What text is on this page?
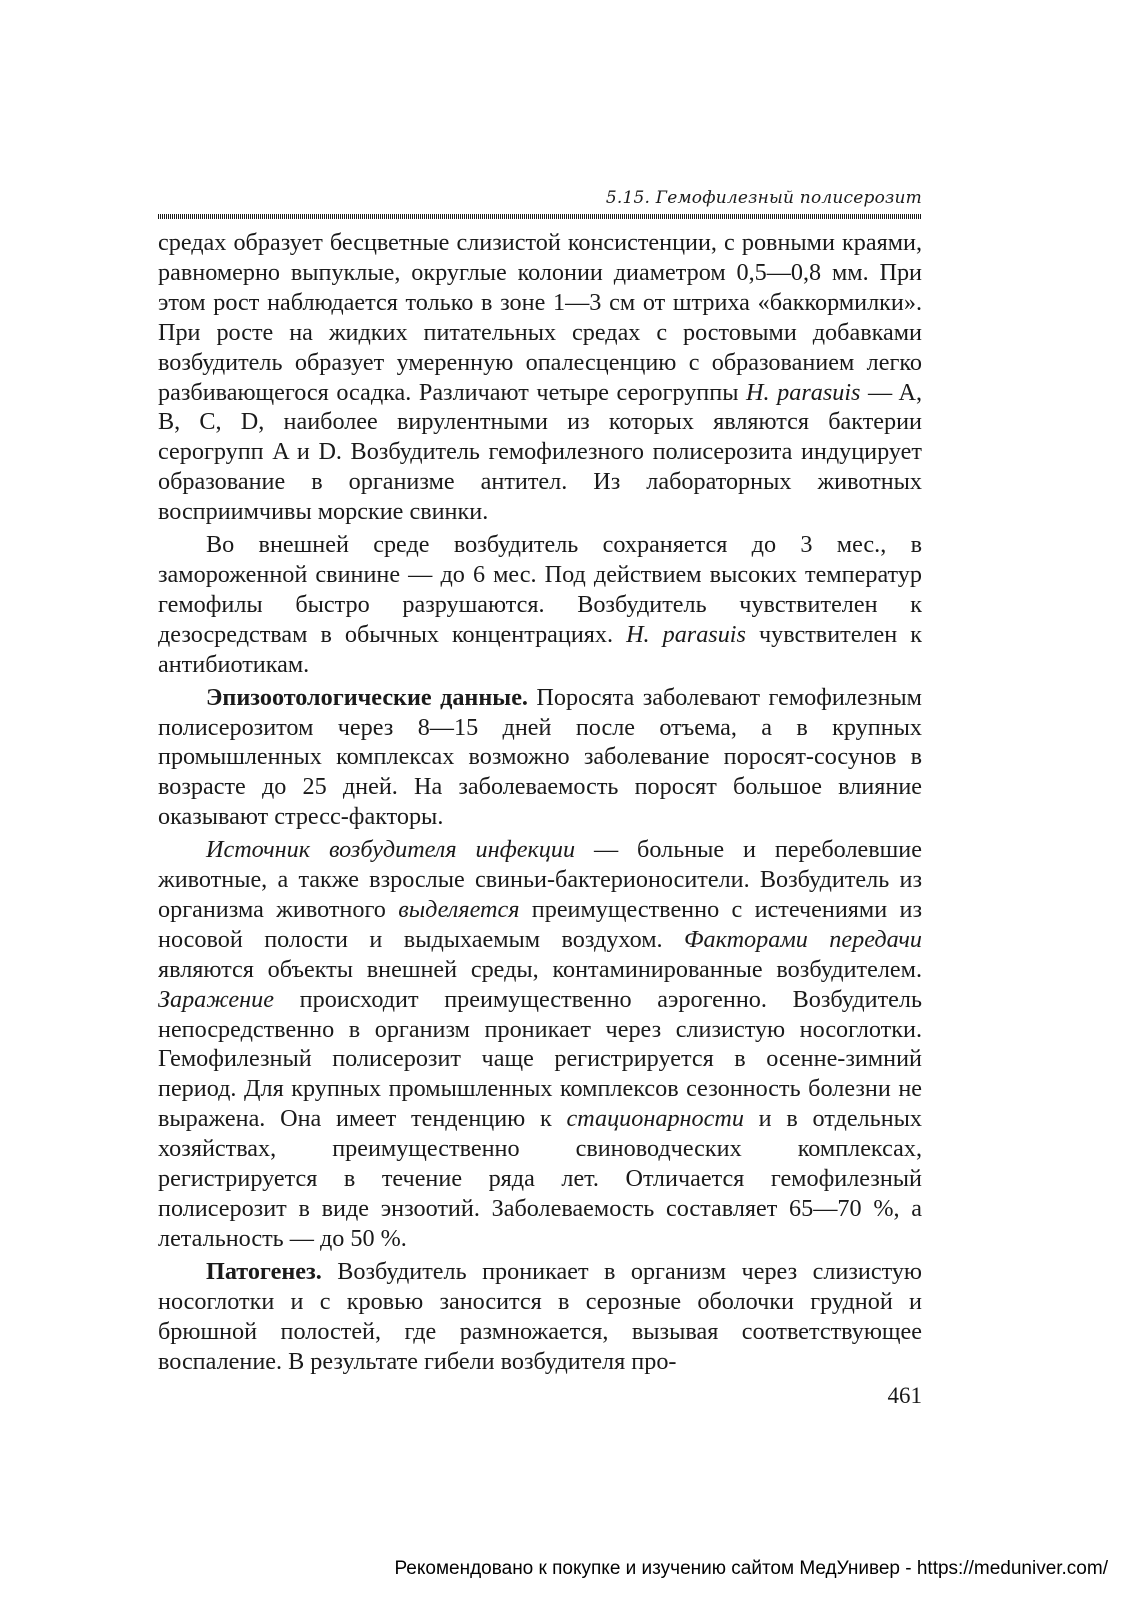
5.15. Гемофилезный полисерозит

средах образует бесцветные слизистой консистенции, с ровными краями, равномерно выпуклые, округлые колонии диаметром 0,5—0,8 мм. При этом рост наблюдается только в зоне 1—3 см от штриха «баккормилки». При росте на жидких питательных средах с ростовыми добавками возбудитель образует умеренную опалесценцию с образованием легко разбивающегося осадка. Различают четыре серогруппы H. parasuis — A, B, C, D, наиболее вирулентными из которых являются бактерии серогрупп A и D. Возбудитель гемофилезного полисерозита индуцирует образование в организме антител. Из лабораторных животных восприимчивы морские свинки.

Во внешней среде возбудитель сохраняется до 3 мес., в замороженной свинине — до 6 мес. Под действием высоких температур гемофилы быстро разрушаются. Возбудитель чувствителен к дезосредствам в обычных концентрациях. H. parasuis чувствителен к антибиотикам.

Эпизоотологические данные. Поросята заболевают гемофилезным полисерозитом через 8—15 дней после отъема, а в крупных промышленных комплексах возможно заболевание поросят-сосунов в возрасте до 25 дней. На заболеваемость поросят большое влияние оказывают стресс-факторы.

Источник возбудителя инфекции — больные и переболевшие животные, а также взрослые свиньи-бактерионосители. Возбудитель из организма животного выделяется преимущественно с истечениями из носовой полости и выдыхаемым воздухом. Факторами передачи являются объекты внешней среды, контаминированные возбудителем. Заражение происходит преимущественно аэрогенно. Возбудитель непосредственно в организм проникает через слизистую носоглотки. Гемофилезный полисерозит чаще регистрируется в осенне-зимний период. Для крупных промышленных комплексов сезонность болезни не выражена. Она имеет тенденцию к стационарности и в отдельных хозяйствах, преимущественно свиноводческих комплексах, регистрируется в течение ряда лет. Отличается гемофилезный полисерозит в виде энзоотий. Заболеваемость составляет 65—70 %, а летальность — до 50 %.

Патогенез. Возбудитель проникает в организм через слизистую носоглотки и с кровью заносится в серозные оболочки грудной и брюшной полостей, где размножается, вызывая соответствующее воспаление. В результате гибели возбудителя про-

461
Рекомендовано к покупке и изучению сайтом МедУнивер - https://meduniver.com/
